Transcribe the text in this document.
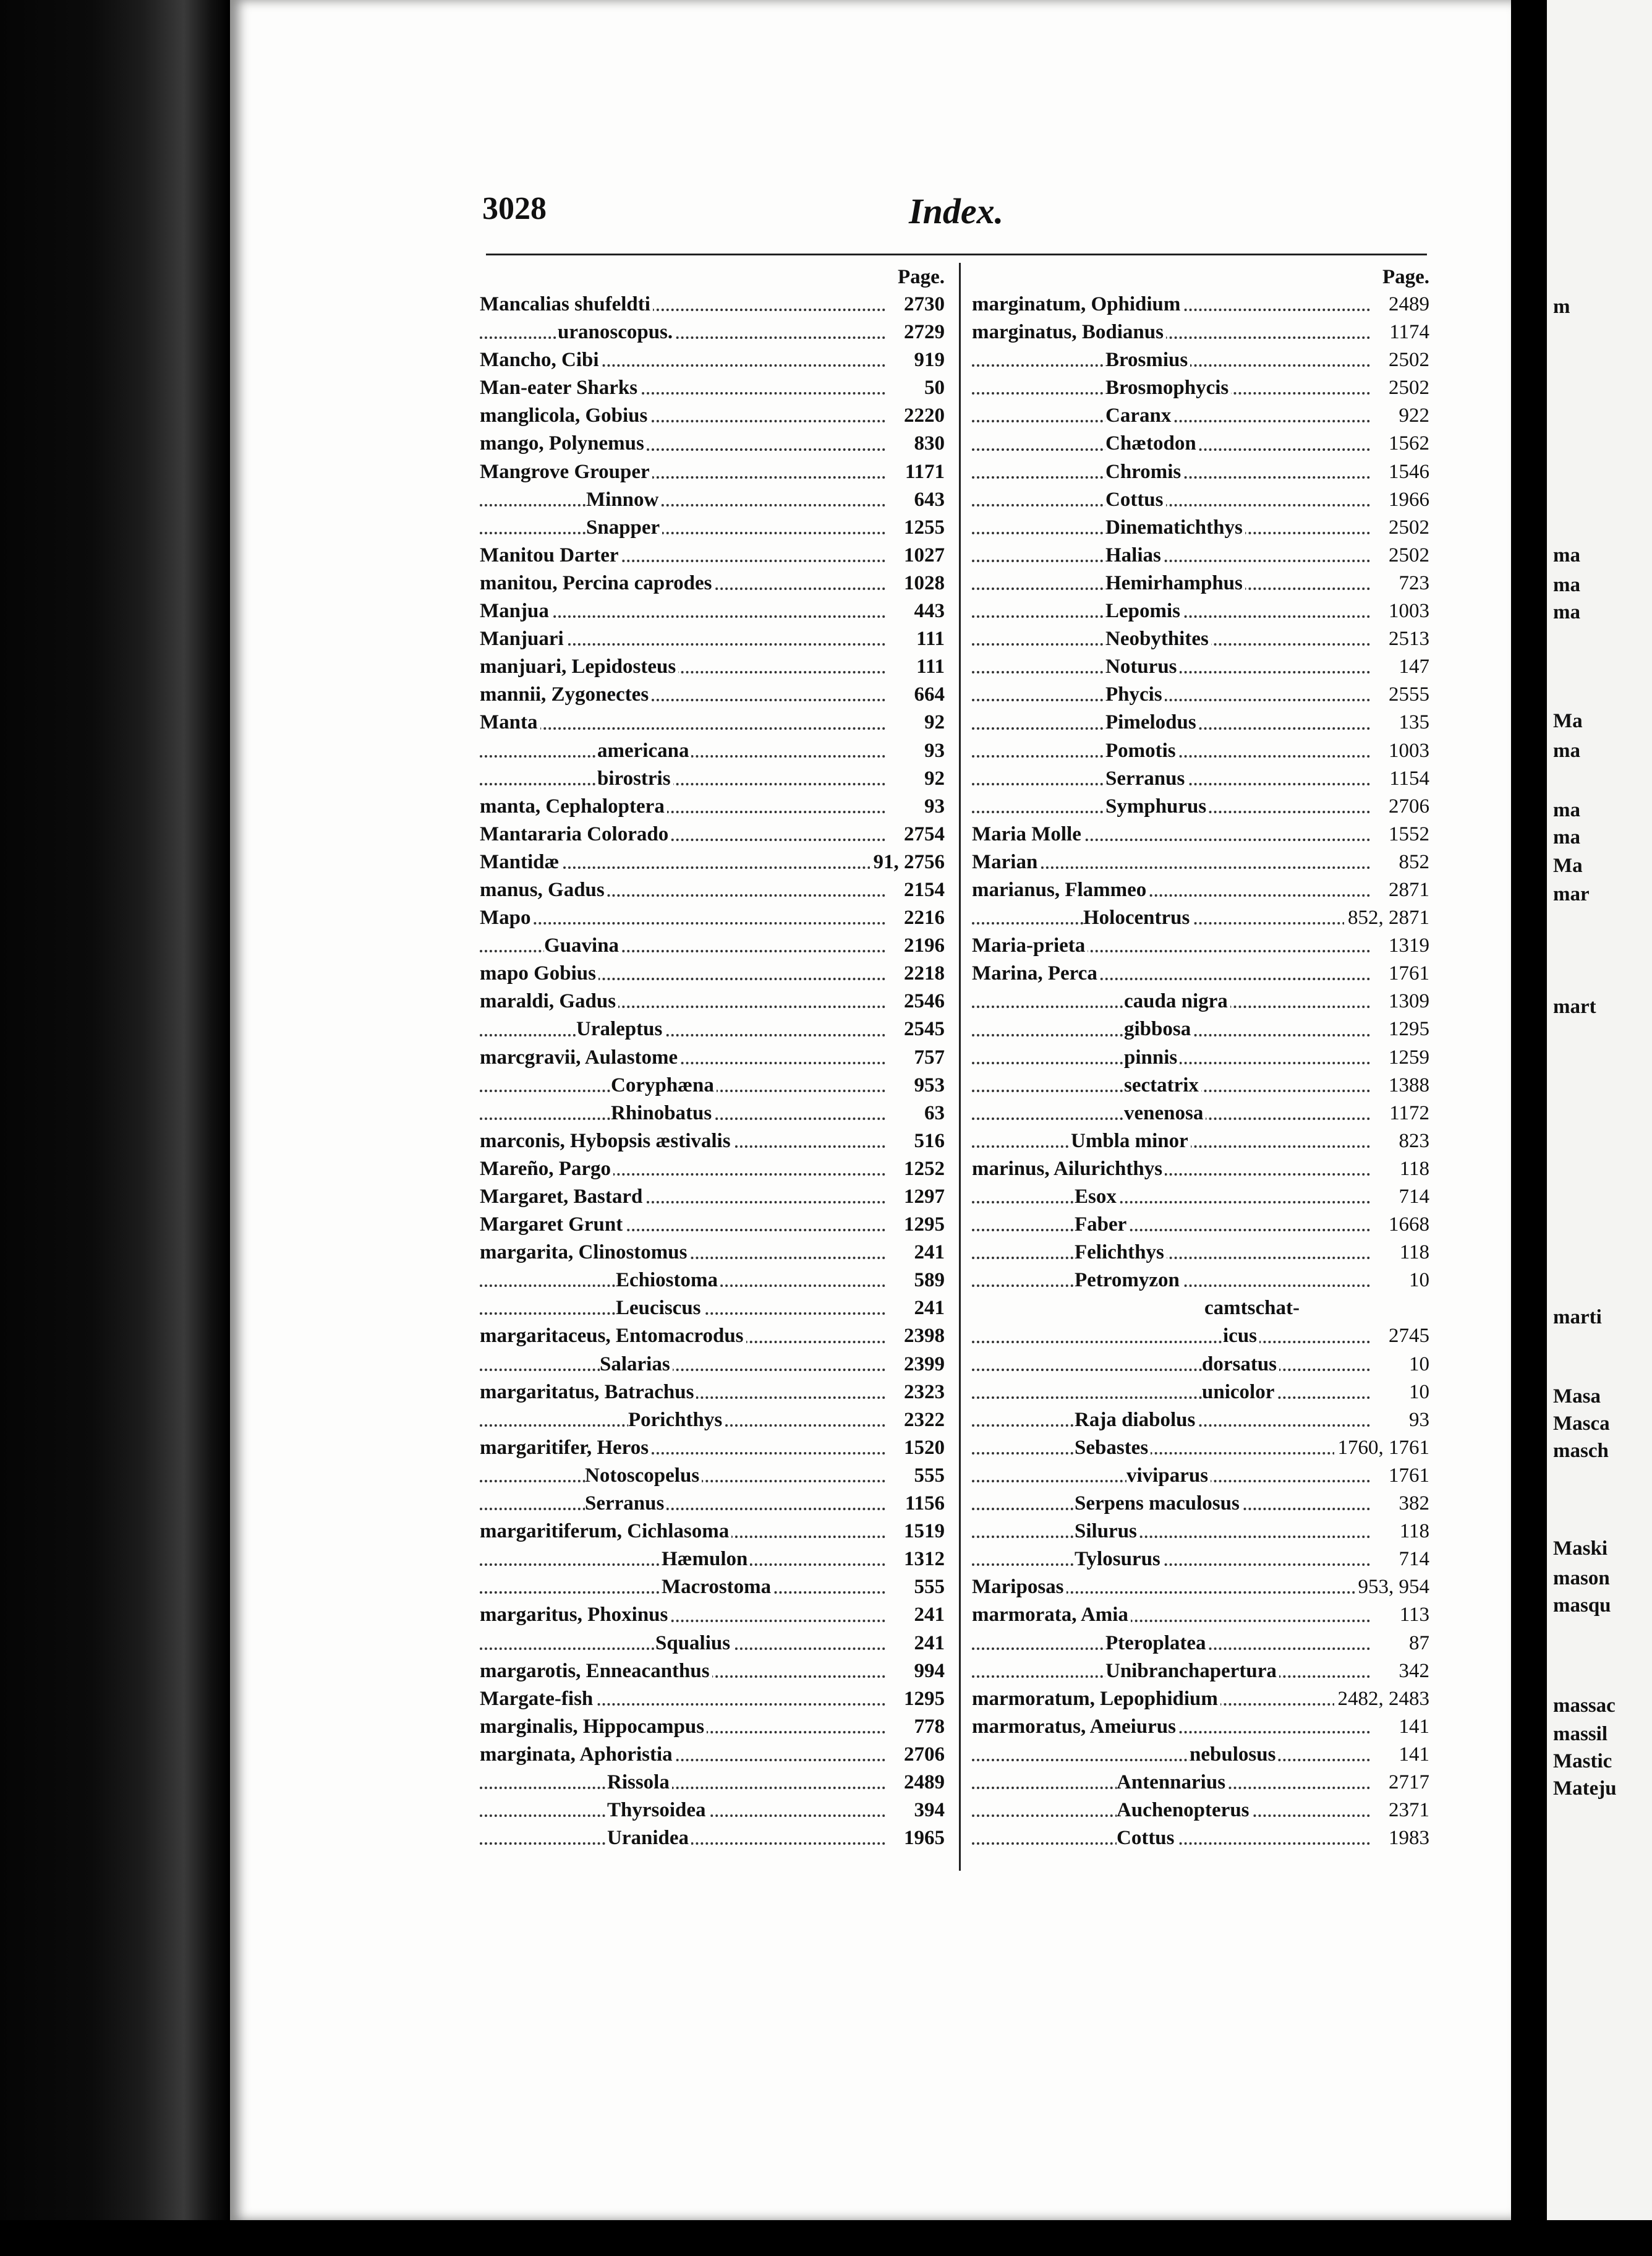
m
ma
ma
ma
Ma
ma
ma
ma
Ma
mar
mart
marti
Masa
Masca
masch
Maski
mason
masqu
massac
massil
Mastic
Mateju
3028	Index.
Page.
Mancalias shufeldti	2730
uranoscopus.	2729
Mancho, Cibi	919
Man-eater Sharks	50
manglicola, Gobius	2220
mango, Polynemus	830
Mangrove Grouper	1171
Minnow	643
Snapper	1255
Manitou Darter	1027
manitou, Percina caprodes	1028
Manjua	443
Manjuari	111
manjuari, Lepidosteus	111
mannii, Zygonectes	664
Manta	92
americana	93
birostris	92
manta, Cephaloptera	93
Mantararia Colorado	2754
Mantidæ	91, 2756
manus, Gadus	2154
Mapo	2216
Guavina	2196
mapo Gobius	2218
maraldi, Gadus	2546
Uraleptus	2545
marcgravii, Aulastome	757
Coryphæna	953
Rhinobatus	63
marconis, Hybopsis æstivalis	516
Mareño, Pargo	1252
Margaret, Bastard	1297
Margaret Grunt	1295
margarita, Clinostomus	241
Echiostoma	589
Leuciscus	241
margaritaceus, Entomacrodus	2398
Salarias	2399
margaritatus, Batrachus	2323
Porichthys	2322
margaritifer, Heros	1520
Notoscopelus	555
Serranus	1156
margaritiferum, Cichlasoma	1519
Hæmulon	1312
Macrostoma	555
margaritus, Phoxinus	241
Squalius	241
margarotis, Enneacanthus	994
Margate-fish	1295
marginalis, Hippocampus	778
marginata, Aphoristia	2706
Rissola	2489
Thyrsoidea	394
Uranidea	1965
Page.
marginatum, Ophidium	2489
marginatus, Bodianus	1174
Brosmius	2502
Brosmophycis	2502
Caranx	922
Chætodon	1562
Chromis	1546
Cottus	1966
Dinematichthys	2502
Halias	2502
Hemirhamphus	723
Lepomis	1003
Neobythites	2513
Noturus	147
Phycis	2555
Pimelodus	135
Pomotis	1003
Serranus	1154
Symphurus	2706
Maria Molle	1552
Marian	852
marianus, Flammeo	2871
Holocentrus	852, 2871
Maria-prieta	1319
Marina, Perca	1761
cauda nigra	1309
gibbosa	1295
pinnis	1259
sectatrix	1388
venenosa	1172
Umbla minor	823
marinus, Ailurichthys	118
Esox	714
Faber	1668
Felichthys	118
Petromyzon	10
camtschat-
icus	2745
dorsatus	10
unicolor	10
Raja diabolus	93
Sebastes	1760, 1761
viviparus	1761
Serpens maculosus	382
Silurus	118
Tylosurus	714
Mariposas	953, 954
marmorata, Amia	113
Pteroplatea	87
Unibranchapertura	342
marmoratum, Lepophidium	2482, 2483
marmoratus, Ameiurus	141
nebulosus	141
Antennarius	2717
Auchenopterus	2371
Cottus	1983
